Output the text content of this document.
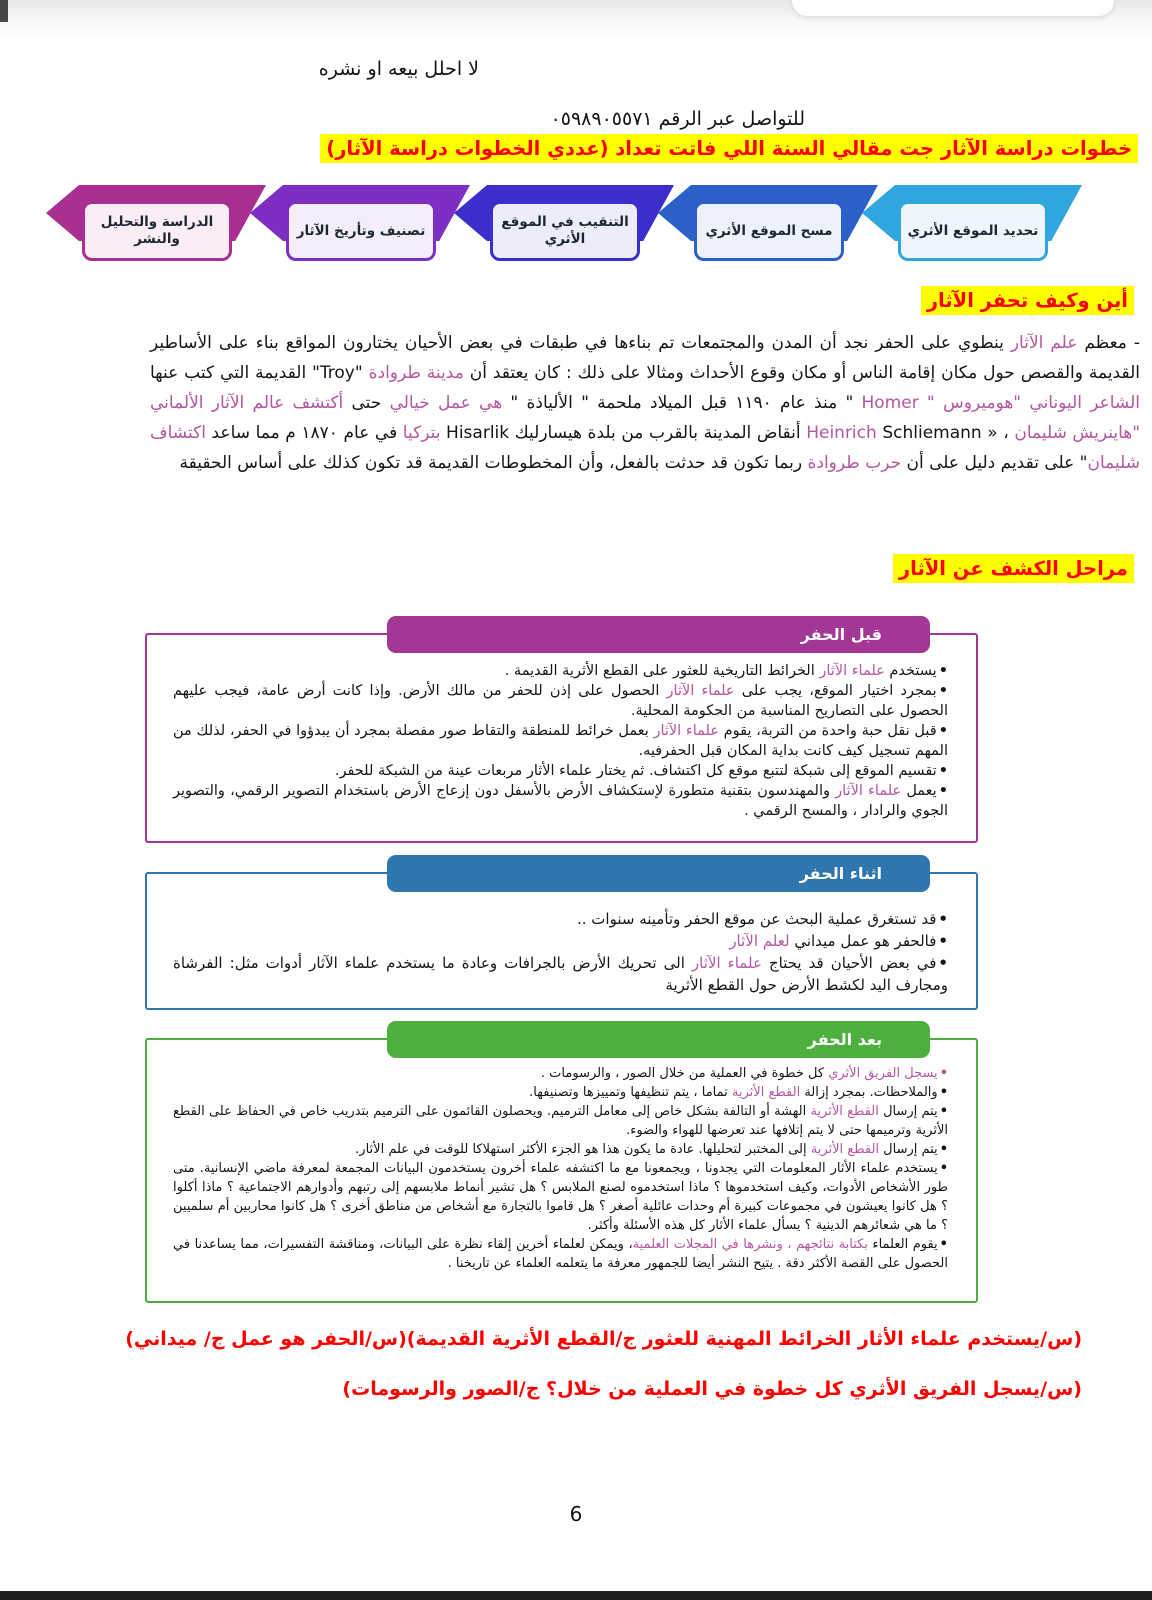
لا احلل بيعه او نشره
للتواصل عبر الرقم ٠٥٩٨٩٠٥٥٧١
خطوات دراسة الآثار جت مقالي السنة اللي فاتت تعداد (عددي الخطوات دراسة الآثار)
تحديد الموقع الأثري
مسح الموقع الأثري
التنقيب في الموقع الأثري
تصنيف وتأريخ الآثار
الدراسة والتحليل والنشر
أين وكيف تحفر الآثار
- معظم علم الآثار ينطوي على الحفر نجد أن المدن والمجتمعات تم بناءها في طبقات في بعض الأحيان يختارون المواقع بناء على الأساطير القديمة والقصص حول مكان إقامة الناس أو مكان وقوع الأحداث ومثالا على ذلك : كان يعتقد أن مدينة طروادة "Troy" القديمة التي كتب عنها الشاعر اليوناني "هوميروس " Homer " منذ عام ١١٩٠ قبل الميلاد ملحمة " الألياذة " هي عمل خيالي حتى أكتشف عالم الآثار الألماني "هاينريش شليمان ، « Heinrich Schliemann أنقاض المدينة بالقرب من بلدة هيسارليك Hisarlik بتركيا في عام ١٨٧٠ م مما ساعد اكتشاف شليمان" على تقديم دليل على أن حرب طروادة ربما تكون قد حدثت بالفعل، وأن المخطوطات القديمة قد تكون كذلك على أساس الحقيقة
مراحل الكشف عن الآثار
قبل الحفر
•يستخدم علماء الآثار الخرائط التاريخية للعثور على القطع الأثرية القديمة .
•بمجرد اختيار الموقع، يجب على علماء الآثار الحصول على إذن للحفر من مالك الأرض. وإذا كانت أرض عامة، فيجب عليهم الحصول على التصاريح المناسبة من الحكومة المحلية.
•قبل نقل حبة واحدة من التربة، يقوم علماء الآثار بعمل خرائط للمنطقة والتقاط صور مفصلة بمجرد أن يبدؤوا في الحفر، لذلك من المهم تسجيل كيف كانت بداية المكان قبل الحفرفيه.
•تقسيم الموقع إلى شبكة لتتبع موقع كل اكتشاف. ثم يختار علماء الأثار مربعات عينة من الشبكة للحفر.
•يعمل علماء الآثار والمهندسون بتقنية متطورة لإستكشاف الأرض بالأسفل دون إزعاج الأرض باستخدام التصوير الرقمي، والتصوير الجوي والرادار ، والمسح الرقمي .
اثناء الحفر
•قد تستغرق عملية البحث عن موقع الحفر وتأمينه سنوات ..
•فالحفر هو عمل ميداني لعلم الآثار
•في بعض الأحيان قد يحتاج علماء الآثار الى تحريك الأرض بالجرافات وعادة ما يستخدم علماء الآثار أدوات مثل: الفرشاة ومجارف اليد لكشط الأرض حول القطع الأثرية
بعد الحفر
•يسجل الفريق الأثري كل خطوة في العملية من خلال الصور ، والرسومات .
•والملاحظات. بمجرد إزالة القطع الأثرية تماما ، يتم تنظيفها وتمييزها وتصنيفها.
•يتم إرسال القطع الأثرية الهشة أو التالفة بشكل خاص إلى معامل الترميم. ويحصلون القائمون على الترميم بتدريب خاص في الحفاظ على القطع الأثرية وترميمها حتى لا يتم إتلافها عند تعرضها للهواء والضوء.
•يتم إرسال القطع الأثرية إلى المختبر لتحليلها. عادة ما يكون هذا هو الجزء الأكثر استهلاكا للوقت في علم الأثار.
•يستخدم علماء الأثار المعلومات التي يجدونا ، ويجمعونا مع ما اكتشفه علماء أخرون يستخدمون البيانات المجمعة لمعرفة ماضي الإنسانية. متى طور الأشخاص الأدوات، وكيف استخدموها ؟ ماذا استخدموه لصنع الملابس ؟ هل تشير أنماط ملابسهم إلى رتبهم وأدوارهم الاجتماعية ؟ ماذا أكلوا ؟ هل كانوا يعيشون في مجموعات كبيرة أم وحدات عائلية أصغر ؟ هل قاموا بالتجارة مع أشخاص من مناطق أخرى ؟ هل كانوا محاربين أم سلميين ؟ ما هي شعائرهم الدينية ؟ يسأل علماء الأثار كل هذه الأسئلة وأكثر.
•يقوم العلماء بكتابة نتائجهم ، ونشرها في المجلات العلمية، ويمكن لعلماء أخرين إلقاء نظرة على البيانات، ومناقشة التفسيرات، مما يساعدنا في الحصول على القصة الأكثر دقة . يتيح النشر أيضا للجمهور معرفة ما يتعلمه العلماء عن تاريخنا .
(س/يستخدم علماء الأثار الخرائط المهنية للعثور ج/القطع الأثرية القديمة)(س/الحفر هو عمل ج/ ميداني)
(س/يسجل الفريق الأثري كل خطوة في العملية من خلال؟ ج/الصور والرسومات)
6
